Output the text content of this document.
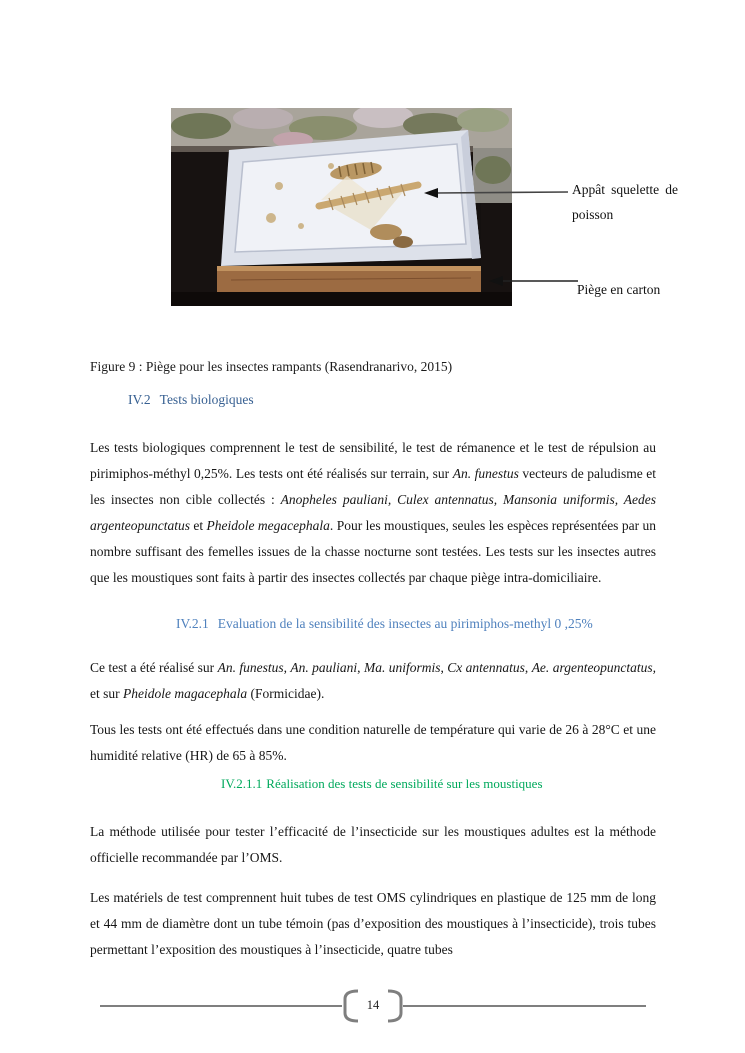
Appât squelette de poisson
Piège en carton
Figure 9 : Piège pour les insectes rampants (Rasendranarivo, 2015)
IV.2 Tests biologiques
IV.2.1 Evaluation de la sensibilité des insectes au pirimiphos-methyl 0 ,25%
IV.2.1.1 Réalisation des tests de sensibilité sur les moustiques

Les tests biologiques comprennent le test de sensibilité, le test de rémanence et le test de répulsion au pirimiphos-méthyl 0,25%. Les tests ont été réalisés sur terrain, sur An. funestus vecteurs de paludisme et les insectes non cible collectés : Anopheles pauliani, Culex antennatus, Mansonia uniformis, Aedes argenteopunctatus et Pheidole megacephala. Pour les moustiques, seules les espèces représentées par un nombre suffisant des femelles issues de la chasse nocturne sont testées. Les tests sur les insectes autres que les moustiques sont faits à partir des insectes collectés par chaque piège intra-domiciliaire.

Ce test a été réalisé sur An. funestus, An. pauliani, Ma. uniformis, Cx antennatus, Ae. argenteopunctatus, et sur Pheidole magacephala (Formicidae).

Tous les tests ont été effectués dans une condition naturelle de température qui varie de 26 à 28°C et une humidité relative (HR) de 65 à 85%.

La méthode utilisée pour tester l’efficacité de l’insecticide sur les moustiques adultes est la méthode officielle recommandée par l’OMS.

Les matériels de test comprennent huit tubes de test OMS cylindriques en plastique de 125 mm de long et 44 mm de diamètre dont un tube témoin (pas d’exposition des moustiques à l’insecticide), trois tubes permettant l’exposition des moustiques à l’insecticide, quatre tubes

14
